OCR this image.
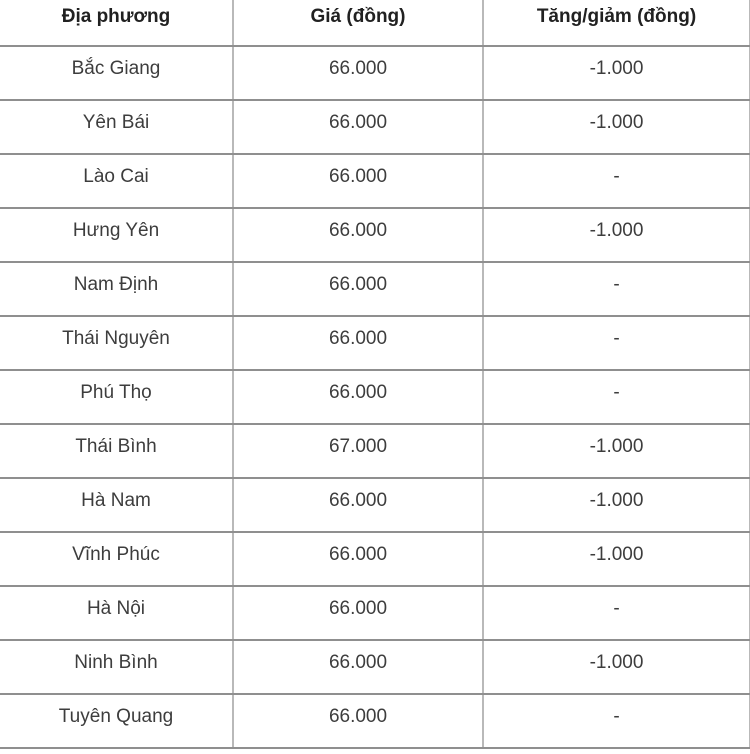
Địa phương	Giá (đồng)	Tăng/giảm (đồng)
Bắc Giang	66.000	-1.000
Yên Bái	66.000	-1.000
Lào Cai	66.000	-
Hưng Yên	66.000	-1.000
Nam Định	66.000	-
Thái Nguyên	66.000	-
Phú Thọ	66.000	-
Thái Bình	67.000	-1.000
Hà Nam	66.000	-1.000
Vĩnh Phúc	66.000	-1.000
Hà Nội	66.000	-
Ninh Bình	66.000	-1.000
Tuyên Quang	66.000	-
